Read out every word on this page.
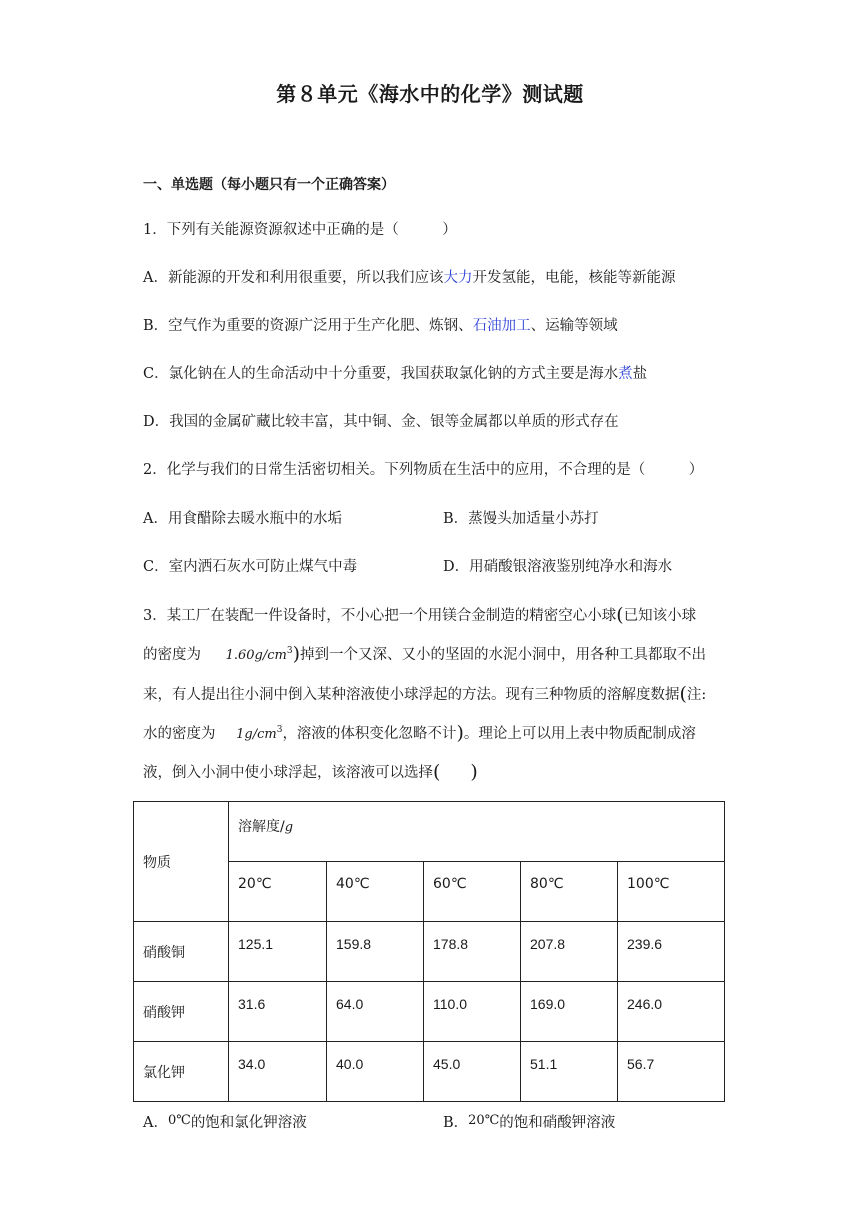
第８单元《海水中的化学》测试题
一、单选题（每小题只有一个正确答案）
1．下列有关能源资源叙述中正确的是（　　　）
A．新能源的开发和利用很重要，所以我们应该大力开发氢能，电能，核能等新能源
B．空气作为重要的资源广泛用于生产化肥、炼钢、石油加工、运输等领域
C．氯化钠在人的生命活动中十分重要，我国获取氯化钠的方式主要是海水煮盐
D．我国的金属矿藏比较丰富，其中铜、金、银等金属都以单质的形式存在
2．化学与我们的日常生活密切相关。下列物质在生活中的应用，不合理的是（　　　）
A．用食醋除去暖水瓶中的水垢	B．蒸馒头加适量小苏打
C．室内洒石灰水可防止煤气中毒	D．用硝酸银溶液鉴别纯净水和海水
3．某工厂在装配一件设备时，不小心把一个用镁合金制造的精密空心小球(已知该小球
的密度为 $1.60g/cm^3$)掉到一个又深、又小的坚固的水泥小洞中，用各种工具都取不出
来，有人提出往小洞中倒入某种溶液使小球浮起的方法。现有三种物质的溶解度数据(注:
水的密度为 $1g/cm^3$，溶液的体积变化忽略不计)。理论上可以用上表中物质配制成溶
液，倒入小洞中使小球浮起，该溶液可以选择( )
物质	溶解度/g				
	20℃	40℃	60℃	80℃	100℃
硝酸铜	125.1	159.8	178.8	207.8	239.6
硝酸钾	31.6	64.0	110.0	169.0	246.0
氯化钾	34.0	40.0	45.0	51.1	56.7
A．0℃的饱和氯化钾溶液	B．20℃的饱和硝酸钾溶液
